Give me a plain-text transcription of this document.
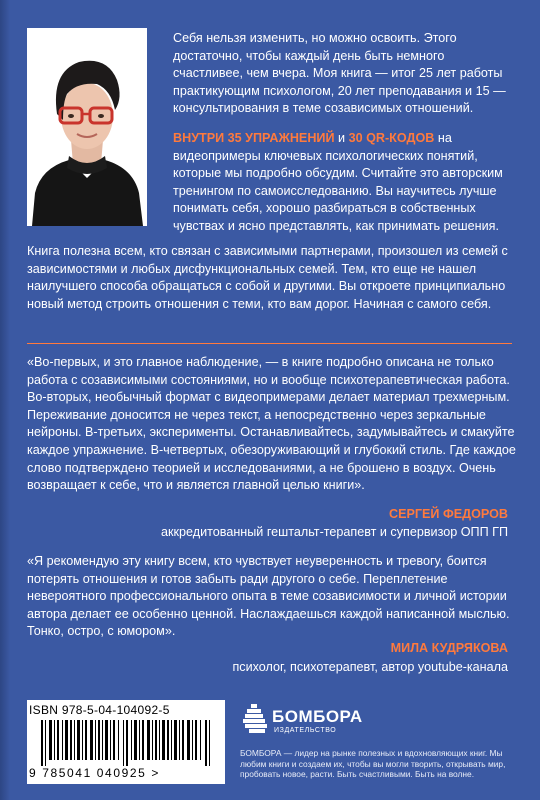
Себя нельзя изменить, но можно освоить. Этого достаточно, чтобы каждый день быть немного счастливее, чем вчера. Моя книга — итог 25 лет работы практикующим психологом, 20 лет преподавания и 15 — консультирования в теме созависимых отношений.

ВНУТРИ 35 УПРАЖНЕНИЙ и 30 QR-КОДОВ на видеопримеры ключевых психологических понятий, которые мы подробно обсудим. Считайте это авторским тренингом по самоисследованию. Вы научитесь лучше понимать себя, хорошо разбираться в собственных чувствах и ясно представлять, как принимать решения.

Книга полезна всем, кто связан с зависимыми партнерами, произошел из семей с зависимостями и любых дисфункциональных семей. Тем, кто еще не нашел наилучшего способа обращаться с собой и другими. Вы откроете принципиально новый метод строить отношения с теми, кто вам дорог. Начиная с самого себя.
«Во-первых, и это главное наблюдение, — в книге подробно описана не только работа с созависимыми состояниями, но и вообще психотерапевтическая работа. Во-вторых, необычный формат с видеопримерами делает материал трехмерным. Переживание доносится не через текст, а непосредственно через зеркальные нейроны. В-третьих, эксперименты. Останавливайтесь, задумывайтесь и смакуйте каждое упражнение. В-четвертых, обезоруживающий и глубокий стиль. Где каждое слово подтверждено теорией и исследованиями, а не брошено в воздух. Очень возвращает к себе, что и является главной целью книги».
СЕРГЕЙ ФЕДОРОВ
аккредитованный гештальт-терапевт и супервизор ОПП ГП
«Я рекомендую эту книгу всем, кто чувствует неуверенность и тревогу, боится потерять отношения и готов забыть ради другого о себе. Переплетение невероятного профессионального опыта в теме созависимости и личной истории автора делает ее особенно ценной. Наслаждаешься каждой написанной мыслью. Тонко, остро, с юмором».
МИЛА КУДРЯКОВА
психолог, психотерапевт, автор youtube-канала
ISBN 978-5-04-104092-5
9 785041 040925 >
БОМБОРА
ИЗДАТЕЛЬСТВО
БОМБОРА — лидер на рынке полезных и вдохновляющих книг. Мы любим книги и создаем их, чтобы вы могли творить, открывать мир, пробовать новое, расти. Быть счастливыми. Быть на волне.
